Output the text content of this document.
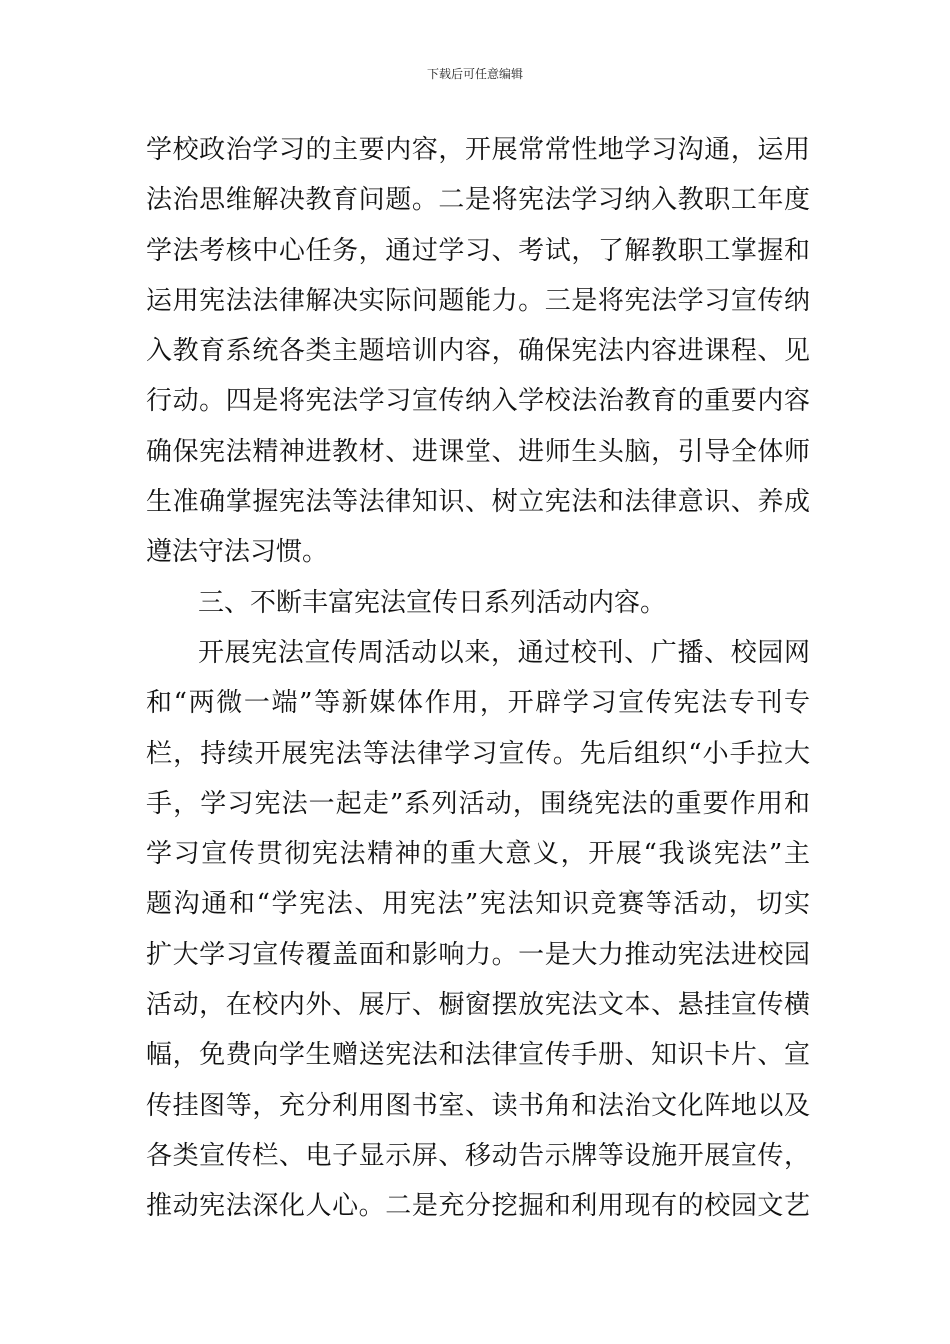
下载后可任意编辑
学校政治学习的主要内容，开展常常性地学习沟通，运用
法治思维解决教育问题。二是将宪法学习纳入教职工年度
学法考核中心任务，通过学习、考试，了解教职工掌握和
运用宪法法律解决实际问题能力。三是将宪法学习宣传纳
入教育系统各类主题培训内容，确保宪法内容进课程、见
行动。四是将宪法学习宣传纳入学校法治教育的重要内容
确保宪法精神进教材、进课堂、进师生头脑，引导全体师
生准确掌握宪法等法律知识、树立宪法和法律意识、养成
遵法守法习惯。
三、不断丰富宪法宣传日系列活动内容。
开展宪法宣传周活动以来，通过校刊、广播、校园网
和“两微一端”等新媒体作用，开辟学习宣传宪法专刊专
栏，持续开展宪法等法律学习宣传。先后组织“小手拉大
手，学习宪法一起走”系列活动，围绕宪法的重要作用和
学习宣传贯彻宪法精神的重大意义，开展“我谈宪法”主
题沟通和“学宪法、用宪法”宪法知识竞赛等活动，切实
扩大学习宣传覆盖面和影响力。一是大力推动宪法进校园
活动，在校内外、展厅、橱窗摆放宪法文本、悬挂宣传横
幅，免费向学生赠送宪法和法律宣传手册、知识卡片、宣
传挂图等，充分利用图书室、读书角和法治文化阵地以及
各类宣传栏、电子显示屏、移动告示牌等设施开展宣传，
推动宪法深化人心。二是充分挖掘和利用现有的校园文艺
